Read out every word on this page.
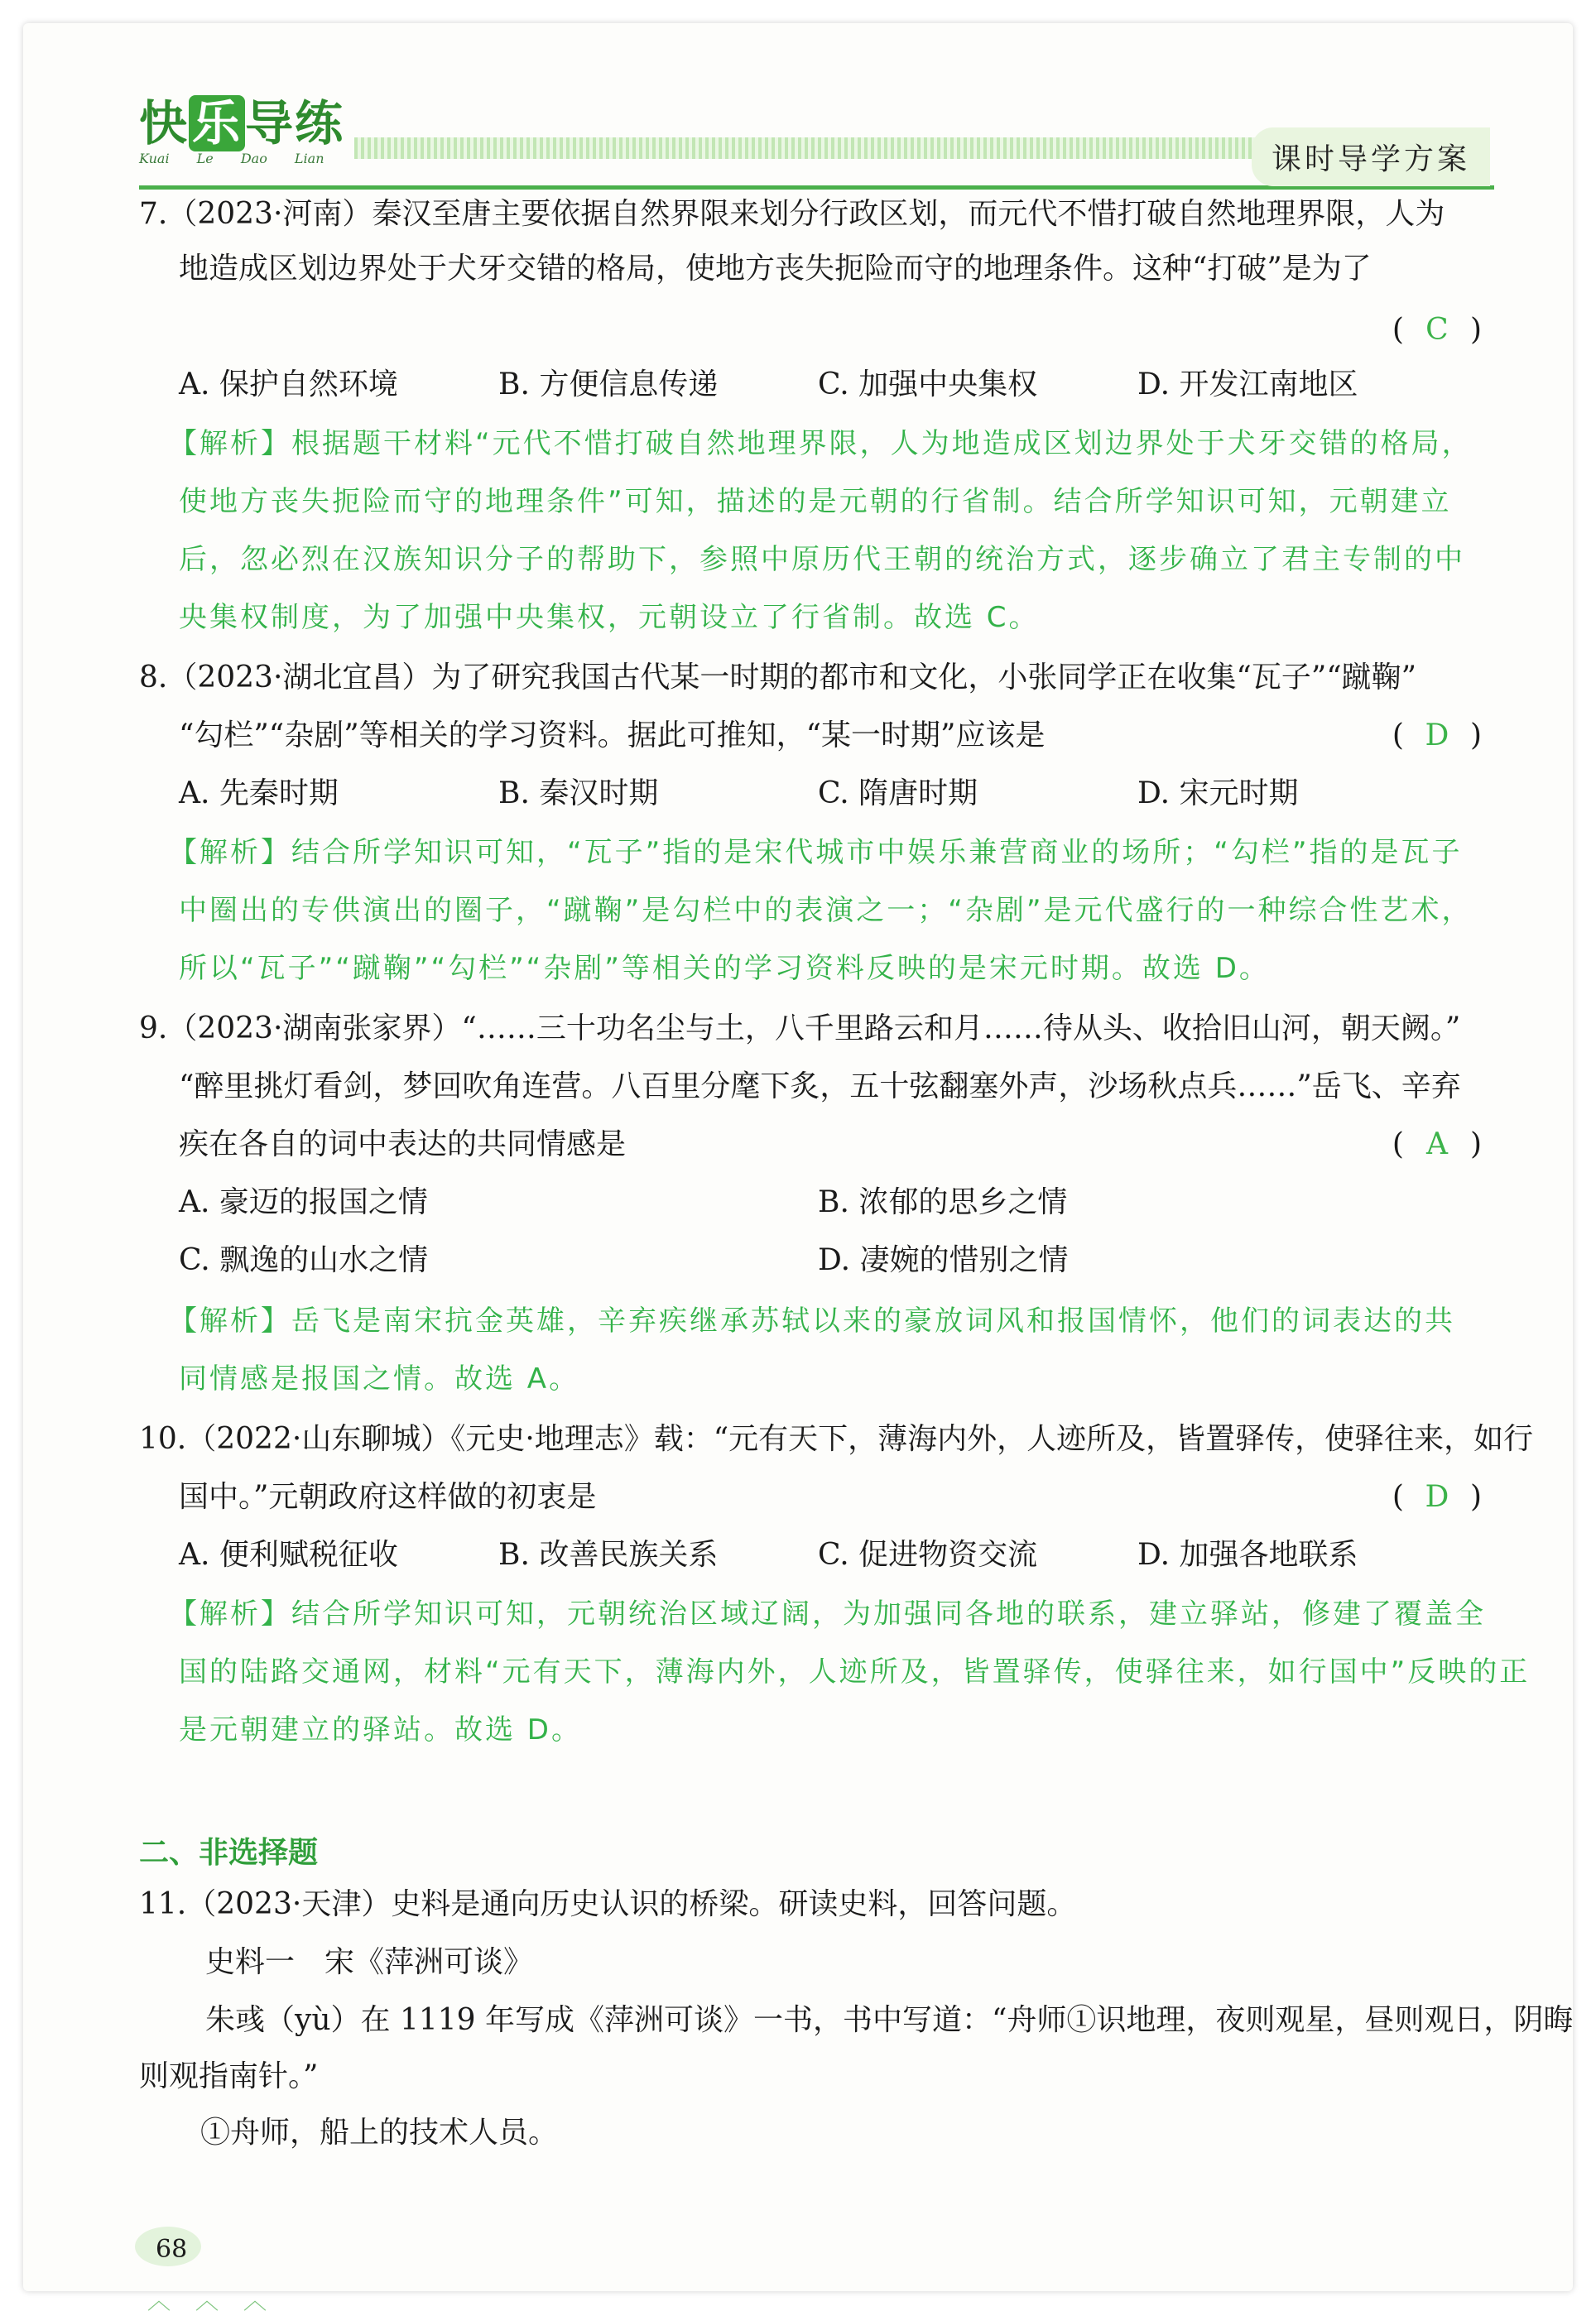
快乐导练
Kuai Le Dao Lian	课时导学方案
7.（2023·河南）秦汉至唐主要依据自然界限来划分行政区划，而元代不惜打破自然地理界限，人为
地造成区划边界处于犬牙交错的格局，使地方丧失扼险而守的地理条件。这种“打破”是为了
( C )
A. 保护自然环境	B. 方便信息传递	C. 加强中央集权	D. 开发江南地区
【解析】根据题干材料“元代不惜打破自然地理界限，人为地造成区划边界处于犬牙交错的格局，
使地方丧失扼险而守的地理条件”可知，描述的是元朝的行省制。结合所学知识可知，元朝建立
后，忽必烈在汉族知识分子的帮助下，参照中原历代王朝的统治方式，逐步确立了君主专制的中
央集权制度，为了加强中央集权，元朝设立了行省制。故选 C。
8.（2023·湖北宜昌）为了研究我国古代某一时期的都市和文化，小张同学正在收集“瓦子”“蹴鞠”
“勾栏”“杂剧”等相关的学习资料。据此可推知，“某一时期”应该是	( D )
A. 先秦时期	B. 秦汉时期	C. 隋唐时期	D. 宋元时期
【解析】结合所学知识可知，“瓦子”指的是宋代城市中娱乐兼营商业的场所；“勾栏”指的是瓦子
中圈出的专供演出的圈子，“蹴鞠”是勾栏中的表演之一；“杂剧”是元代盛行的一种综合性艺术，
所以“瓦子”“蹴鞠”“勾栏”“杂剧”等相关的学习资料反映的是宋元时期。故选 D。
9.（2023·湖南张家界）“……三十功名尘与土，八千里路云和月……待从头、收拾旧山河，朝天阙。”
“醉里挑灯看剑，梦回吹角连营。八百里分麾下炙，五十弦翻塞外声，沙场秋点兵……”岳飞、辛弃
疾在各自的词中表达的共同情感是	( A )
A. 豪迈的报国之情	B. 浓郁的思乡之情
C. 飘逸的山水之情	D. 凄婉的惜别之情
【解析】岳飞是南宋抗金英雄，辛弃疾继承苏轼以来的豪放词风和报国情怀，他们的词表达的共
同情感是报国之情。故选 A。
10.（2022·山东聊城）《元史·地理志》载：“元有天下，薄海内外，人迹所及，皆置驿传，使驿往来，如行
国中。”元朝政府这样做的初衷是	( D )
A. 便利赋税征收	B. 改善民族关系	C. 促进物资交流	D. 加强各地联系
【解析】结合所学知识可知，元朝统治区域辽阔，为加强同各地的联系，建立驿站，修建了覆盖全
国的陆路交通网，材料“元有天下，薄海内外，人迹所及，皆置驿传，使驿往来，如行国中”反映的正
是元朝建立的驿站。故选 D。
二、非选择题
11.（2023·天津）史料是通向历史认识的桥梁。研读史料，回答问题。
史料一　宋《萍洲可谈》
朱彧（yù）在 1119 年写成《萍洲可谈》一书，书中写道：“舟师①识地理，夜则观星，昼则观日，阴晦
则观指南针。”
①舟师，船上的技术人员。
68
︿︿︿
